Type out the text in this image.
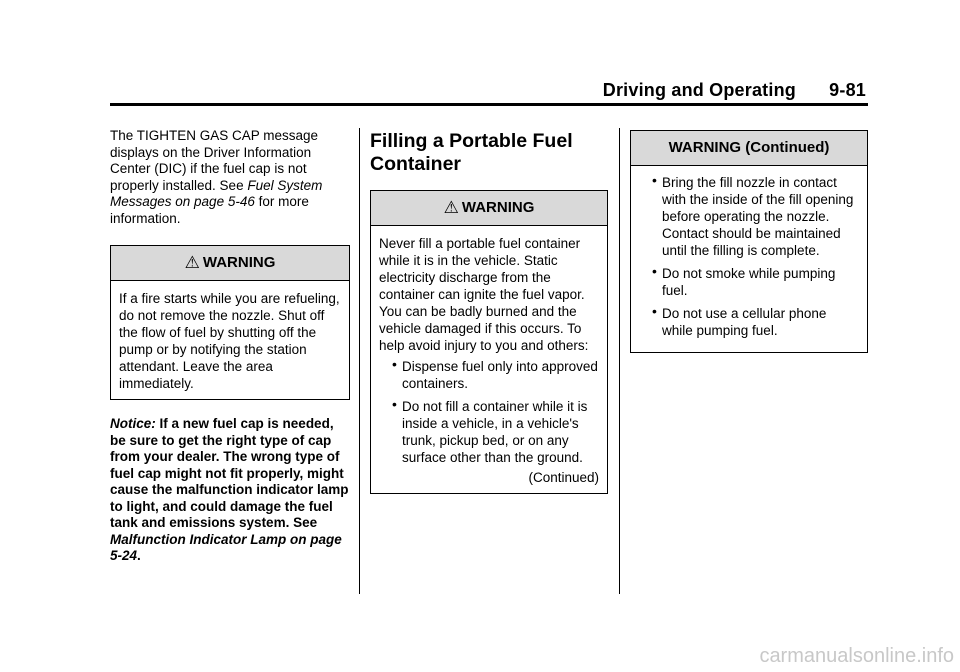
Driving and Operating 9-81

The TIGHTEN GAS CAP message displays on the Driver Information Center (DIC) if the fuel cap is not properly installed. See Fuel System Messages on page 5-46 for more information.

⚠ WARNING

If a fire starts while you are refueling, do not remove the nozzle. Shut off the flow of fuel by shutting off the pump or by notifying the station attendant. Leave the area immediately.

Notice: If a new fuel cap is needed, be sure to get the right type of cap from your dealer. The wrong type of fuel cap might not fit properly, might cause the malfunction indicator lamp to light, and could damage the fuel tank and emissions system. See Malfunction Indicator Lamp on page 5-24.

Filling a Portable Fuel Container
⚠ WARNING

Never fill a portable fuel container while it is in the vehicle. Static electricity discharge from the container can ignite the fuel vapor. You can be badly burned and the vehicle damaged if this occurs. To help avoid injury to you and others:

• Dispense fuel only into approved containers.
• Do not fill a container while it is inside a vehicle, in a vehicle's trunk, pickup bed, or on any surface other than the ground.
(Continued)
WARNING (Continued)
• Bring the fill nozzle in contact with the inside of the fill opening before operating the nozzle. Contact should be maintained until the filling is complete.
• Do not smoke while pumping fuel.
• Do not use a cellular phone while pumping fuel.
carmanualsonline.info
